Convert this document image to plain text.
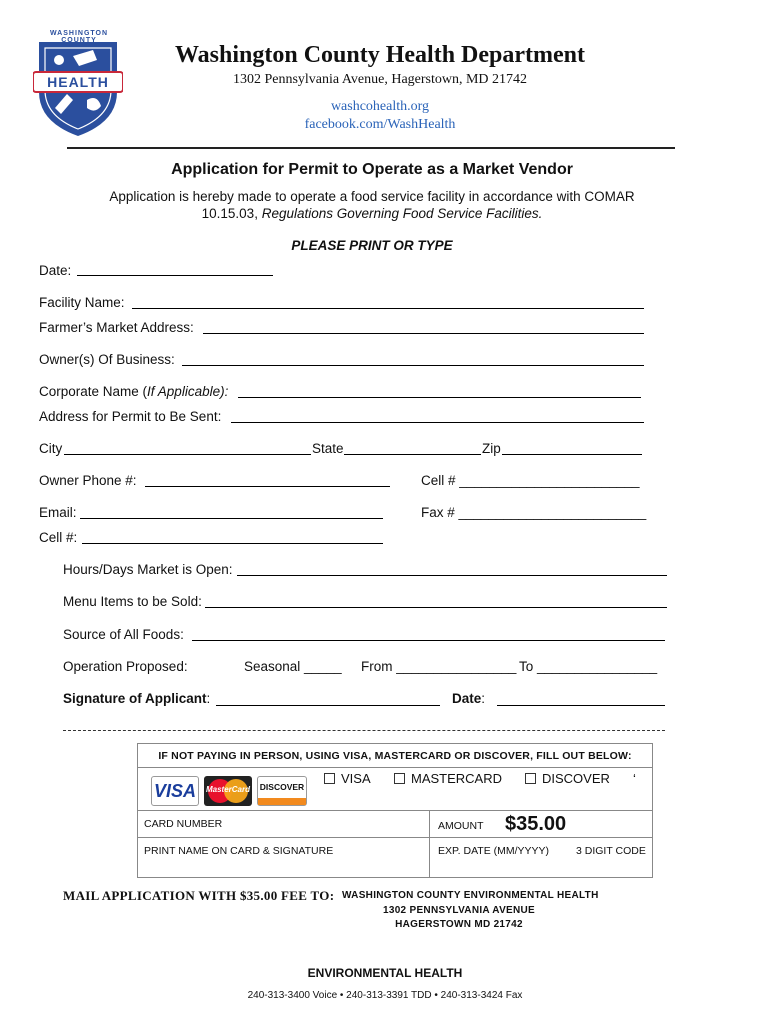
WASHINGTON COUNTY
HEALTH
Washington County Health Department
1302 Pennsylvania Avenue, Hagerstown, MD 21742
washcohealth.org
facebook.com/WashHealth
Application for Permit to Operate as a Market Vendor
Application is hereby made to operate a food service facility in accordance with COMAR
10.15.03, Regulations Governing Food Service Facilities.
PLEASE PRINT OR TYPE
Date:
Facility Name:
Farmer’s Market Address:
Owner(s) Of Business:
Corporate Name (If Applicable):
Address for Permit to Be Sent:
City	State	Zip
Owner Phone #:	Cell # ________________________
Email:	Fax # _________________________
Cell #:
Hours/Days Market is Open:
Menu Items to be Sold:
Source of All Foods:
Operation Proposed:	Seasonal _____ From ________________ To ________________
Signature of Applicant:	Date:
IF NOT PAYING IN PERSON, USING VISA, MASTERCARD OR DISCOVER, FILL OUT BELOW:
VISA MasterCard DISCOVER
VISA	MASTERCARD	DISCOVER ‘
CARD NUMBER	AMOUNT $35.00
PRINT NAME ON CARD & SIGNATURE	EXP. DATE (MM/YYYY)	3 DIGIT CODE
MAIL APPLICATION WITH $35.00 FEE TO: WASHINGTON COUNTY ENVIRONMENTAL HEALTH
1302 PENNSYLVANIA AVENUE
HAGERSTOWN MD 21742
ENVIRONMENTAL HEALTH
240-313-3400 Voice • 240-313-3391 TDD • 240-313-3424 Fax
